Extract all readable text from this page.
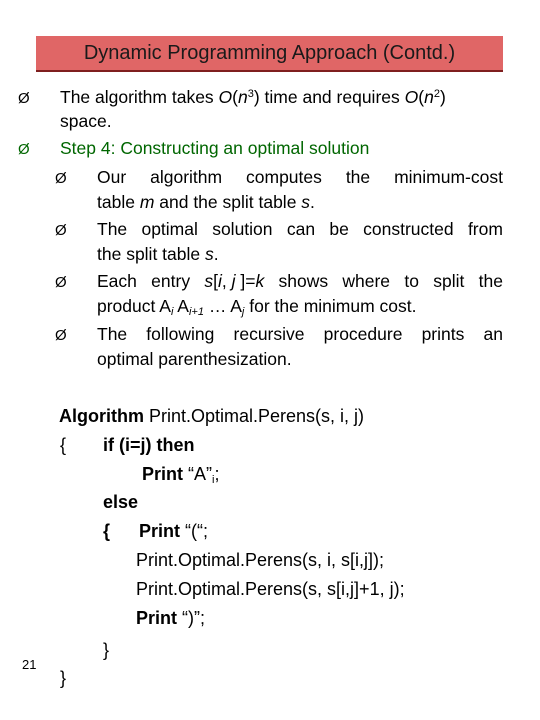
Dynamic Programming Approach (Contd.)
Ø The algorithm takes $O(n^3)$ time and requires $O(n^2)$
space.
Ø Step 4: Constructing an optimal solution
Ø Our algorithm computes the minimum-cost
table m and the split table s.
Ø The optimal solution can be constructed from
the split table s.
Ø Each entry s[i, j ]=k shows where to split the
product $A_i$ $A_{i+1}$ … $A_j$ for the minimum cost.
Ø The following recursive procedure prints an
optimal parenthesization.
Algorithm Print.Optimal.Perens(s, i, j)
{ if (i=j) then
Print “$A”_i$;
else
{ Print “(“;
Print.Optimal.Perens(s, i, s[i,j]);
Print.Optimal.Perens(s, s[i,j]+1, j);
Print “)”;
}
}
21
